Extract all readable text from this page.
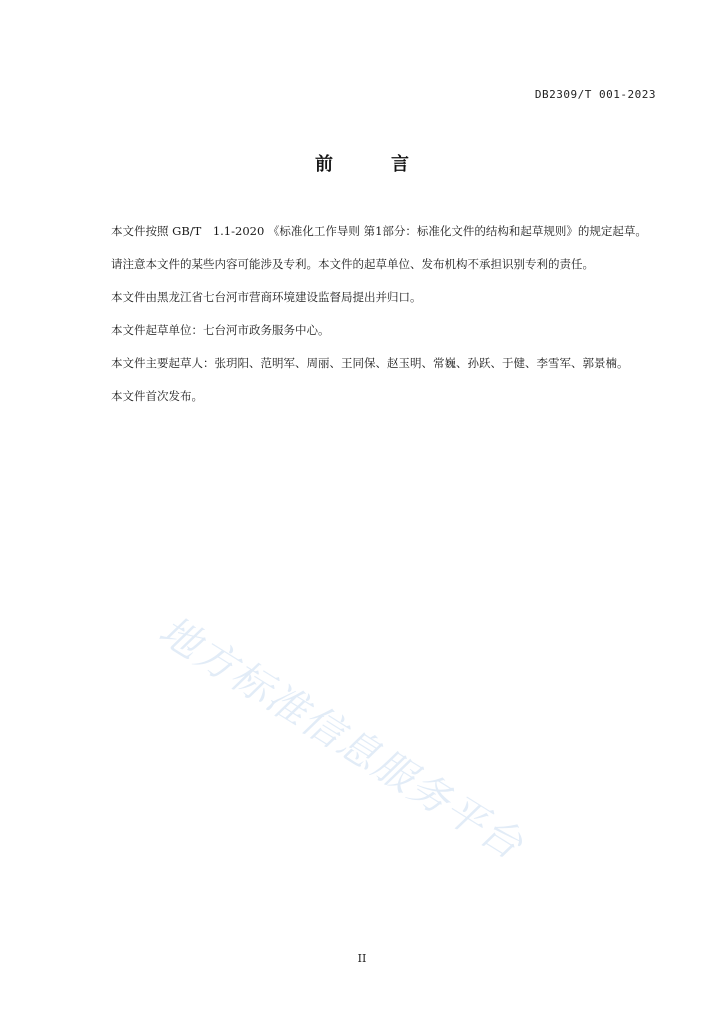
DB2309/T 001-2023
前　言

本文件按照 GB/T　1.1-2020 《标准化工作导则 第1部分：标准化文件的结构和起草规则》的规定起草。

请注意本文件的某些内容可能涉及专利。本文件的起草单位、发布机构不承担识别专利的责任。

本文件由黑龙江省七台河市营商环境建设监督局提出并归口。

本文件起草单位：七台河市政务服务中心。

本文件主要起草人：张玥阳、范明军、周丽、王同保、赵玉明、常巍、孙跃、于健、李雪军、郭景楠。

本文件首次发布。

地方标准信息服务平台
II
